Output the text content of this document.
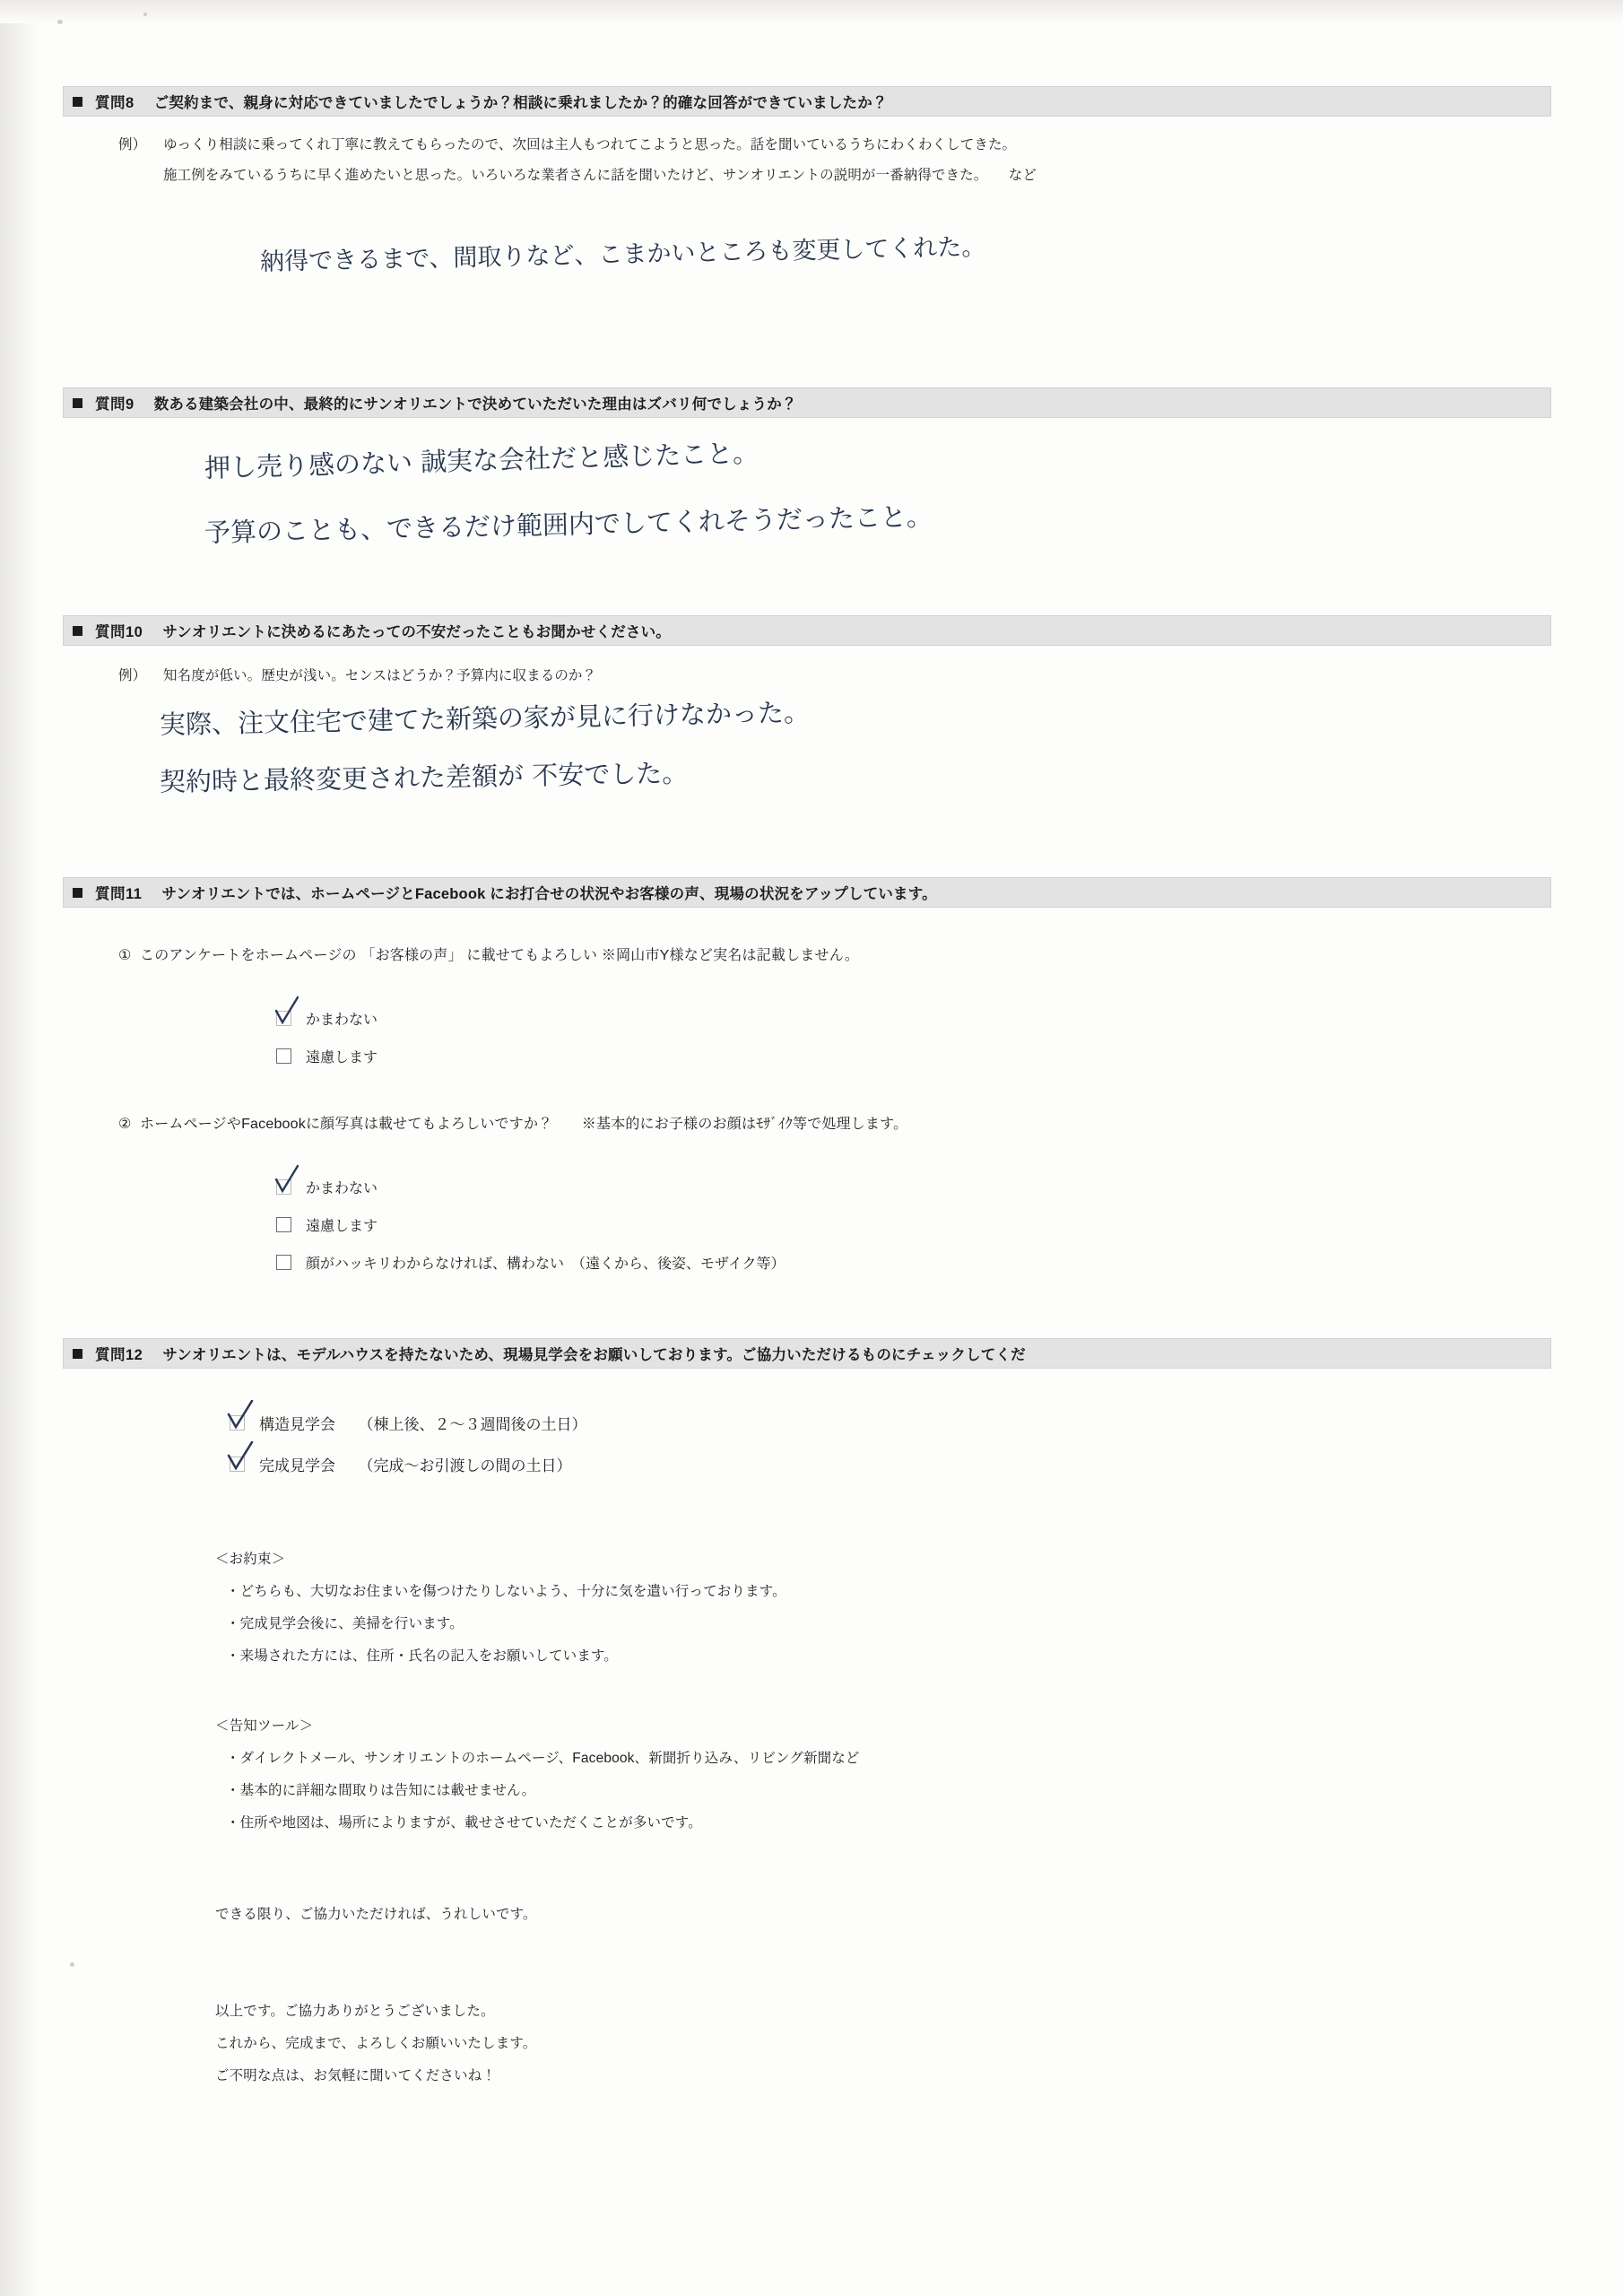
質問8 ご契約まで、親身に対応できていましたでしょうか？相談に乗れましたか？的確な回答ができていましたか？
例） ゆっくり相談に乗ってくれ丁寧に教えてもらったので、次回は主人もつれてこようと思った。話を聞いているうちにわくわくしてきた。
施工例をみているうちに早く進めたいと思った。いろいろな業者さんに話を聞いたけど、サンオリエントの説明が一番納得できた。　　など
納得できるまで、間取りなど、こまかいところも変更してくれた。
質問9 数ある建築会社の中、最終的にサンオリエントで決めていただいた理由はズバリ何でしょうか？
押し売り感のない 誠実な会社だと感じたこと。
予算のことも、できるだけ範囲内でしてくれそうだったこと。
質問10 サンオリエントに決めるにあたっての不安だったこともお聞かせください。
例） 知名度が低い。歴史が浅い。センスはどうか？予算内に収まるのか？
実際、注文住宅で建てた新築の家が見に行けなかった。
契約時と最終変更された差額が 不安でした。
質問11 サンオリエントでは、ホームページとFacebook にお打合せの状況やお客様の声、現場の状況をアップしています。
① このアンケートをホームページの 「お客様の声」 に載せてもよろしい ※岡山市Y様など実名は記載しません。
かまわない
遠慮します
② ホームページやFacebookに顔写真は載せてもよろしいですか？　　※基本的にお子様のお顔はﾓｻﾞｲｸ等で処理します。
かまわない
遠慮します
顔がハッキリわからなければ、構わない　（遠くから、後姿、モザイク等）
質問12 サンオリエントは、モデルハウスを持たないため、現場見学会をお願いしております。ご協力いただけるものにチェックしてくだ
構造見学会　　（棟上後、２～３週間後の土日）
完成見学会　　（完成～お引渡しの間の土日）
＜お約束＞
・どちらも、大切なお住まいを傷つけたりしないよう、十分に気を遣い行っております。
・完成見学会後に、美掃を行います。
・来場された方には、住所・氏名の記入をお願いしています。
＜告知ツール＞
・ダイレクトメール、サンオリエントのホームページ、Facebook、新聞折り込み、リビング新聞など
・基本的に詳細な間取りは告知には載せません。
・住所や地図は、場所によりますが、載せさせていただくことが多いです。
できる限り、ご協力いただければ、うれしいです。
以上です。ご協力ありがとうございました。
これから、完成まで、よろしくお願いいたします。
ご不明な点は、お気軽に聞いてくださいね！
